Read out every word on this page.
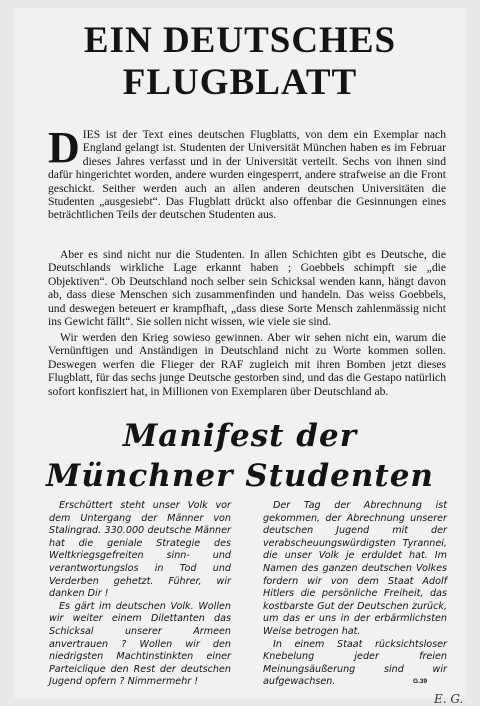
EIN DEUTSCHES
FLUGBLATT

DIES ist der Text eines deutschen Flugblatts, von dem ein Exemplar nach England gelangt ist. Studenten der Universität München haben es im Februar dieses Jahres verfasst und in der Universität verteilt. Sechs von ihnen sind dafür hingerichtet worden, andere wurden eingesperrt, andere strafweise an die Front geschickt. Seither werden auch an allen anderen deutschen Universitäten die Studenten „ausgesiebt“. Das Flugblatt drückt also offenbar die Gesinnungen eines beträchtlichen Teils der deutschen Studenten aus.

Aber es sind nicht nur die Studenten. In allen Schichten gibt es Deutsche, die Deutschlands wirkliche Lage erkannt haben ; Goebbels schimpft sie „die Objektiven“. Ob Deutschland noch selber sein Schicksal wenden kann, hängt davon ab, dass diese Menschen sich zusammenfinden und handeln. Das weiss Goebbels, und deswegen beteuert er krampfhaft, „dass diese Sorte Mensch zahlenmässig nicht ins Gewicht fällt“. Sie sollen nicht wissen, wie viele sie sind.

Wir werden den Krieg sowieso gewinnen. Aber wir sehen nicht ein, warum die Vernünftigen und Anständigen in Deutschland nicht zu Worte kommen sollen. Deswegen werfen die Flieger der RAF zugleich mit ihren Bomben jetzt dieses Flugblatt, für das sechs junge Deutsche gestorben sind, und das die Gestapo natürlich sofort konfisziert hat, in Millionen von Exemplaren über Deutschland ab.

Manifest der
Münchner Studenten

Erschüttert steht unser Volk vor dem Untergang der Männer von Stalingrad. 330.000 deutsche Männer hat die geniale Strategie des Weltkriegsgefreiten sinn- und verantwortungslos in Tod und Verderben gehetzt. Führer, wir danken Dir !

Es gärt im deutschen Volk. Wollen wir weiter einem Dilettanten das Schicksal unserer Armeen anvertrauen ? Wollen wir den niedrigsten Machtinstinkten einer Parteiclique den Rest der deutschen Jugend opfern ? Nimmermehr !

Der Tag der Abrechnung ist gekommen, der Abrechnung unserer deutschen Jugend mit der verabscheuungswürdigsten Tyrannei, die unser Volk je erduldet hat. Im Namen des ganzen deutschen Volkes fordern wir von dem Staat Adolf Hitlers die persönliche Freiheit, das kostbarste Gut der Deutschen zurück, um das er uns in der erbärmlichsten Weise betrogen hat.

In einem Staat rücksichtsloser Knebelung jeder freien Meinungsäußerung sind wir aufgewachsen.	G.39
E. G.
